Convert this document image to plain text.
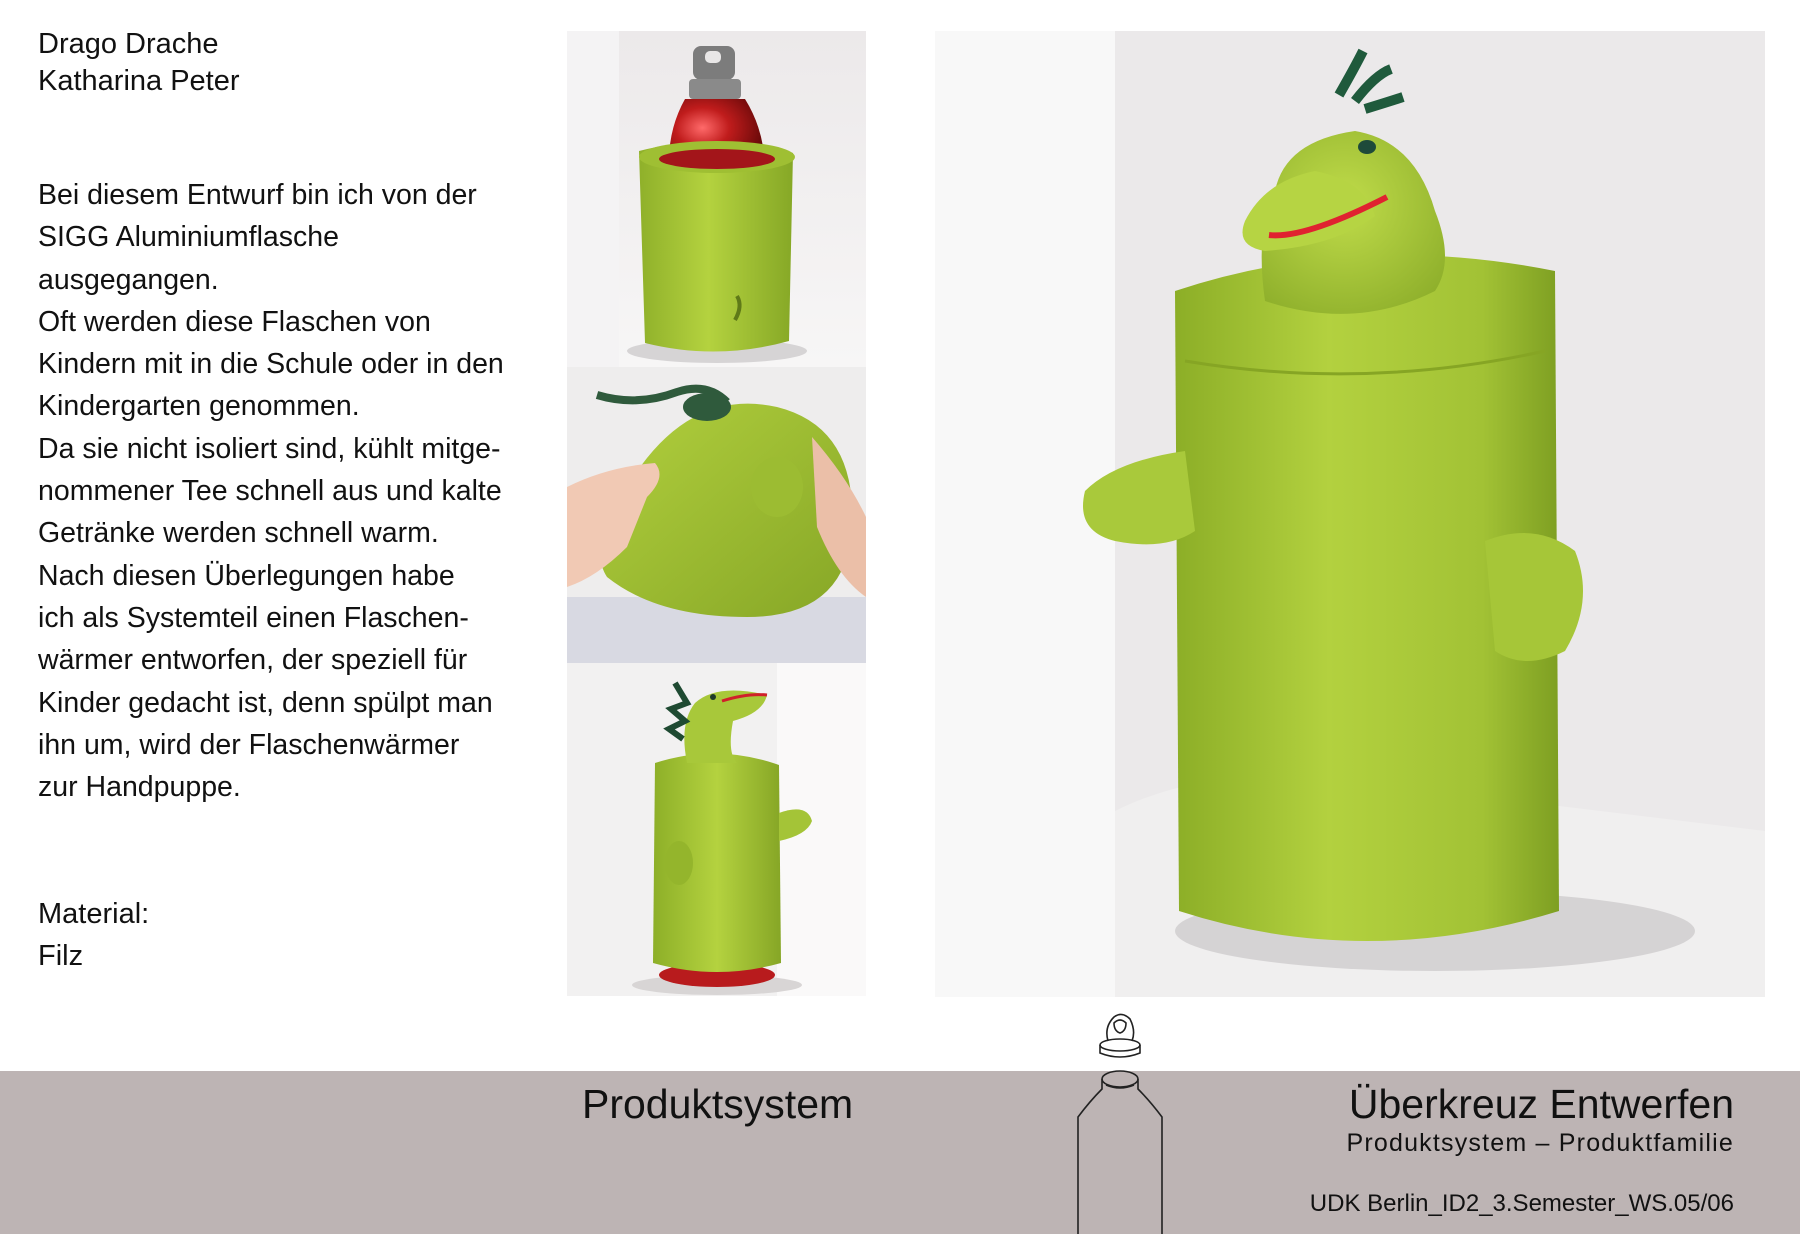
Drago Drache
Katharina Peter
Bei diesem Entwurf bin ich von der
SIGG Aluminiumflasche
ausgegangen.
Oft werden diese Flaschen von
Kindern mit in die Schule oder in den
Kindergarten genommen.
Da sie nicht isoliert sind, kühlt mitge-
nommener Tee schnell aus und kalte
Getränke werden schnell warm.
Nach diesen Überlegungen habe
ich als Systemteil einen Flaschen-
wärmer entworfen, der speziell für
Kinder gedacht ist, denn spülpt man
ihn um, wird der Flaschenwärmer
zur Handpuppe.
Material:
Filz
Produktsystem	Überkreuz Entwerfen
Produktsystem – Produktfamilie
UDK Berlin_ID2_3.Semester_WS.05/06
